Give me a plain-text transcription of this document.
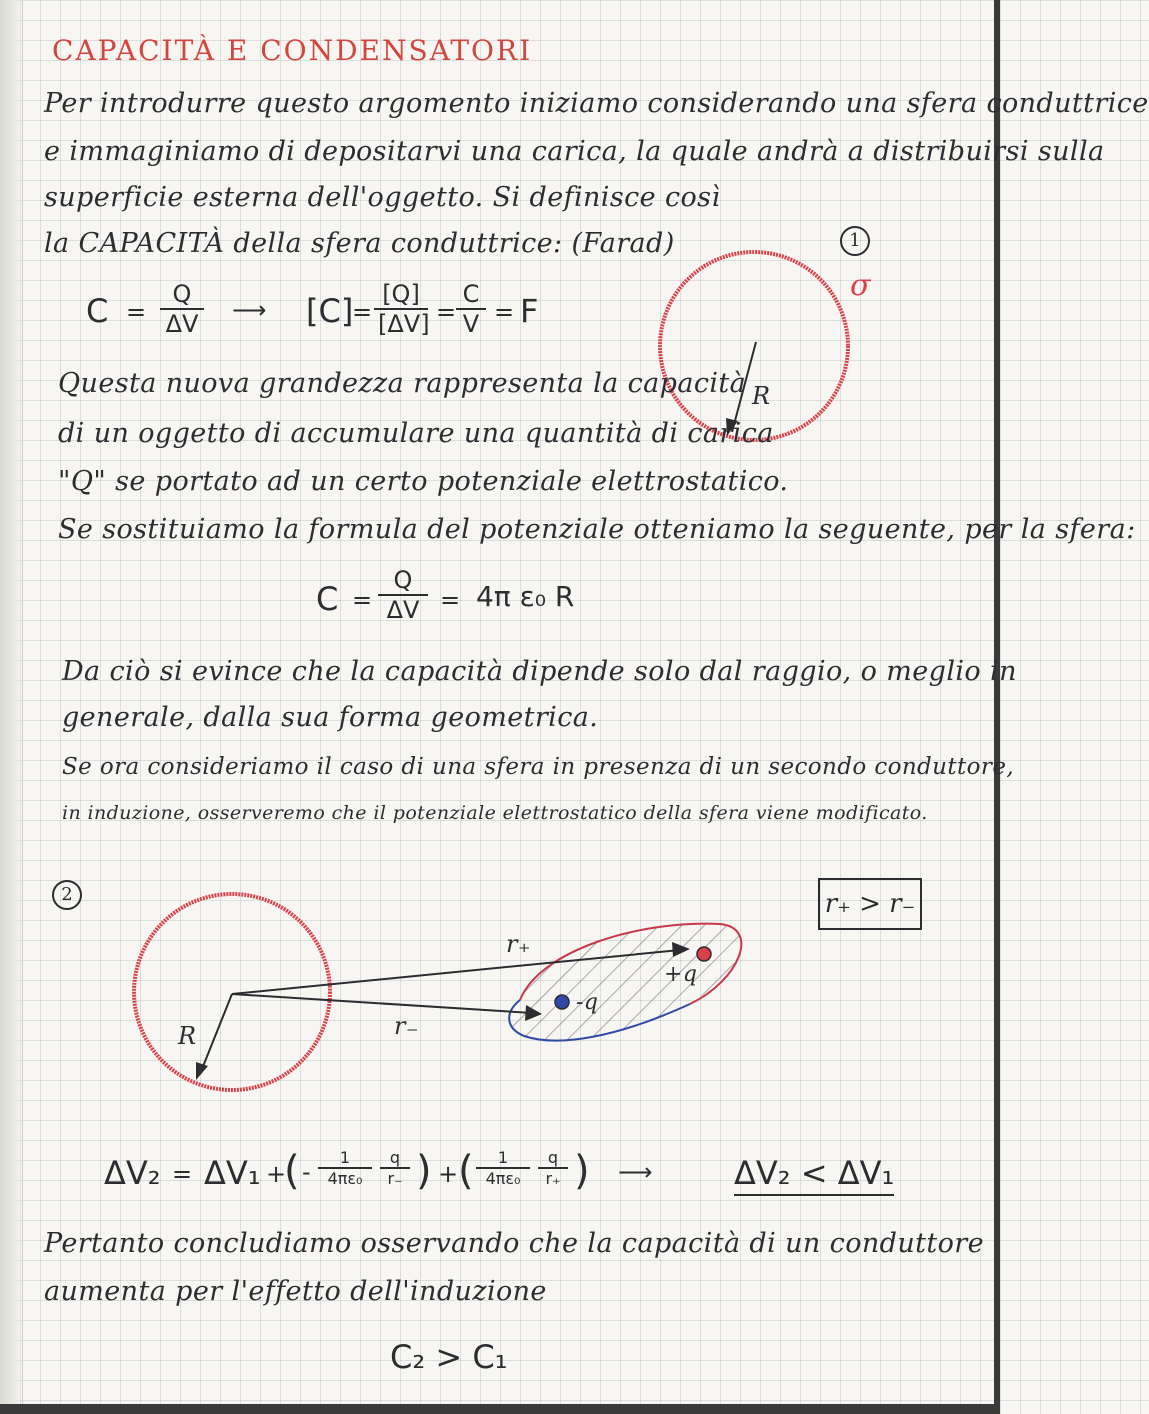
CAPACITÀ E CONDENSATORI
Per introdurre questo argomento iniziamo considerando una sfera conduttrice
e immaginiamo di depositarvi una carica, la quale andrà a distribuirsi sulla
superficie esterna dell'oggetto. Si definisce così
la CAPACITÀ della sfera conduttrice: (Farad)
$C = \frac{Q}{\Delta V}$ ⟶ [C]
= $\frac{[Q]}{[\Delta V]} = \frac{C}{V} = F$
1
σ
R
Questa nuova grandezza rappresenta la capacità
di un oggetto di accumulare una quantità di carica
"Q" se portato ad un certo potenziale elettrostatico.
Se sostituiamo la formula del potenziale otteniamo la seguente, per la sfera:
$C = \frac{Q}{\Delta V} = 4\pi$ ε₀ R
Da ciò si evince che la capacità dipende solo dal raggio, o meglio in
generale, dalla sua forma geometrica.
Se ora consideriamo il caso di una sfera in presenza di un secondo conduttore,
in induzione, osserveremo che il potenziale elettrostatico della sfera viene modificato.
2	r₊ > r₋
r₊
r₋
R
+q
-q
ΔV₂ = ΔV₁ +
( - $\frac{1}{\text{4πε₀}} \frac{q}{r_-}$ ) + ( $\frac{1}{\text{4πε₀}} \frac{q}{r_+}$ ) ⟶	ΔV₂ < ΔV₁
Pertanto concludiamo osservando che la capacità di un conduttore
aumenta per l'effetto dell'induzione
C₂ > C₁
